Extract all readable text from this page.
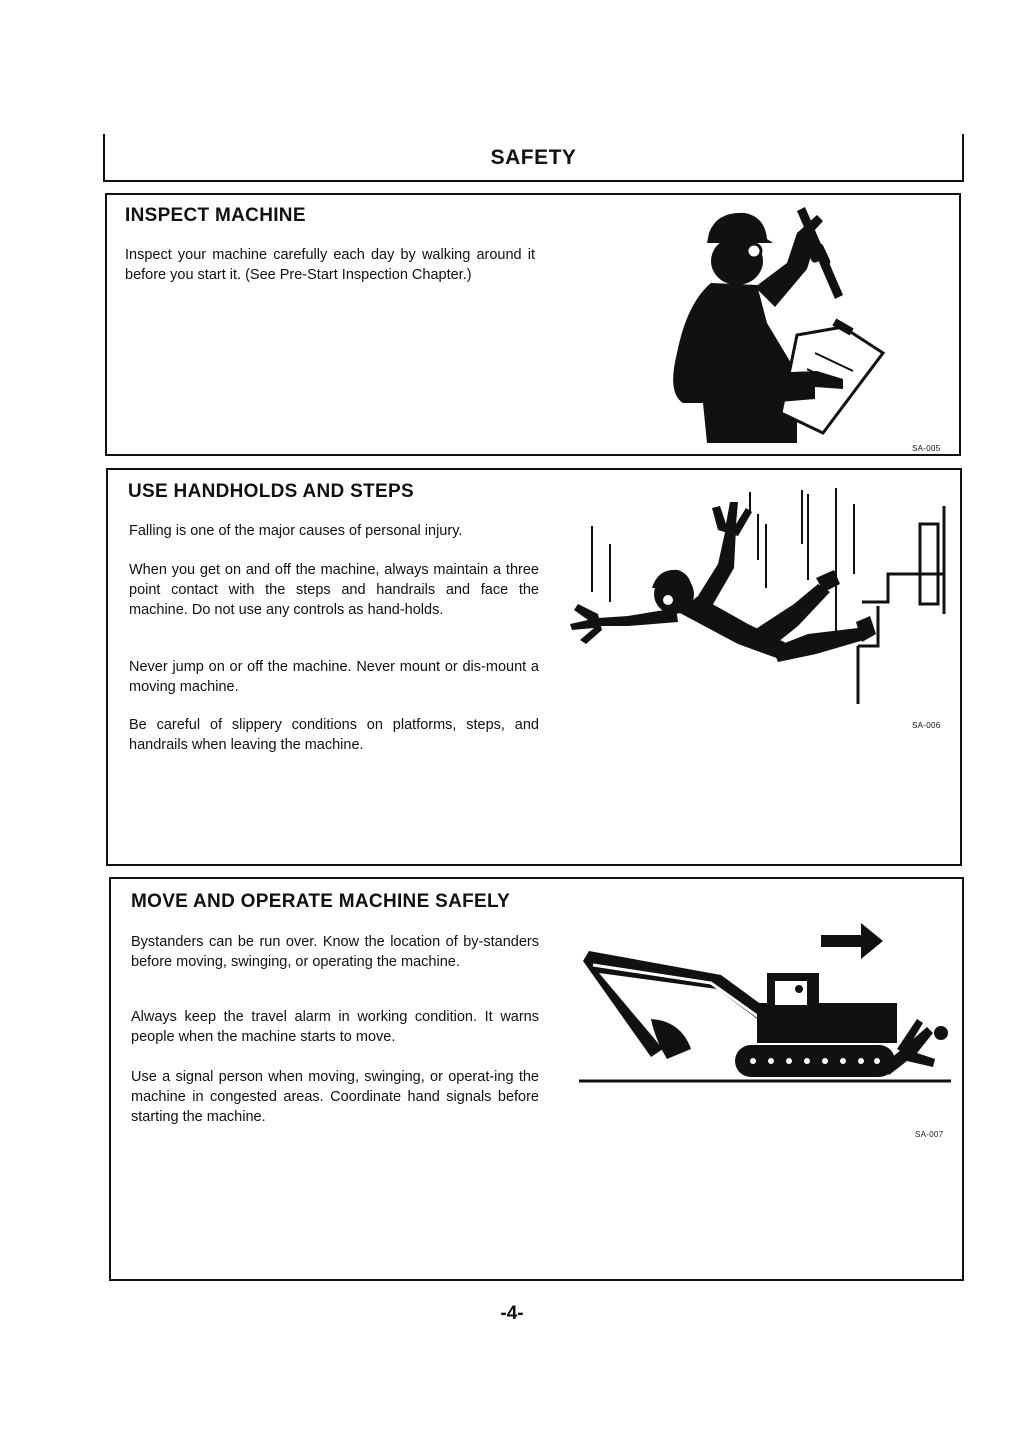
SAFETY
INSPECT MACHINE
Inspect your machine carefully each day by walking around it before you start it. (See Pre-Start Inspection Chapter.)
SA-005
USE HANDHOLDS AND STEPS
Falling is one of the major causes of personal injury.
When you get on and off the machine, always maintain a three point contact with the steps and handrails and face the machine. Do not use any controls as hand-holds.
Never jump on or off the machine. Never mount or dis-mount a moving machine.
Be careful of slippery conditions on platforms, steps, and handrails when leaving the machine.
SA-006
MOVE AND OPERATE MACHINE SAFELY
Bystanders can be run over. Know the location of by-standers before moving, swinging, or operating the machine.
Always keep the travel alarm in working condition. It warns people when the machine starts to move.
Use a signal person when moving, swinging, or operat-ing the machine in congested areas. Coordinate hand signals before starting the machine.
SA-007
-4-
